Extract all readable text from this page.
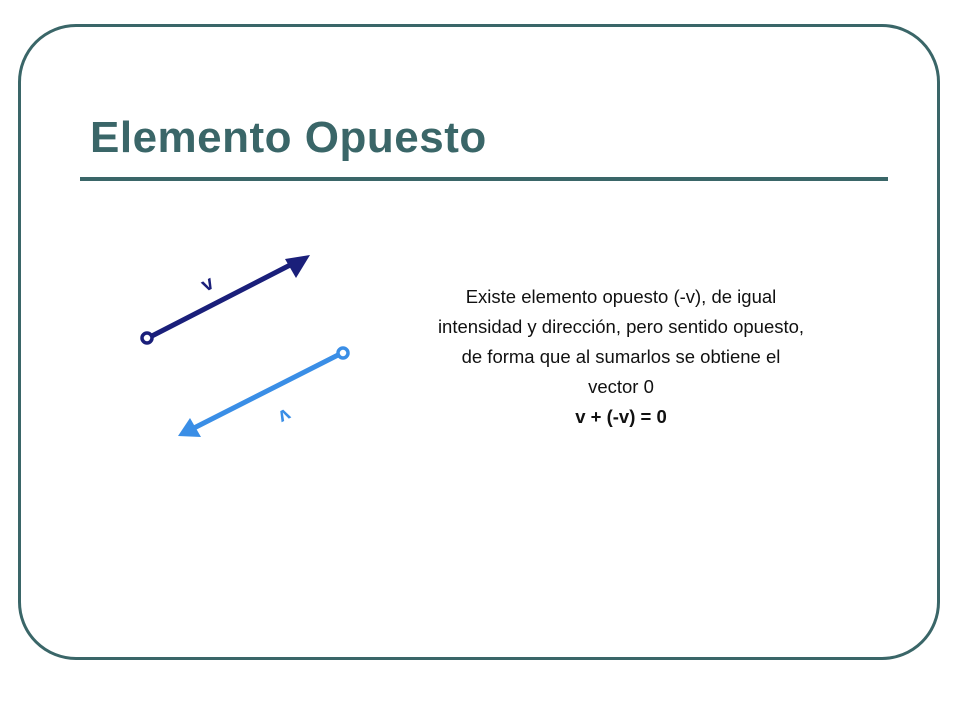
Elemento Opuesto
v
v

Existe elemento opuesto (-v), de igual intensidad y dirección, pero sentido opuesto, de forma que al sumarlos se obtiene el vector 0

v + (-v) = 0
